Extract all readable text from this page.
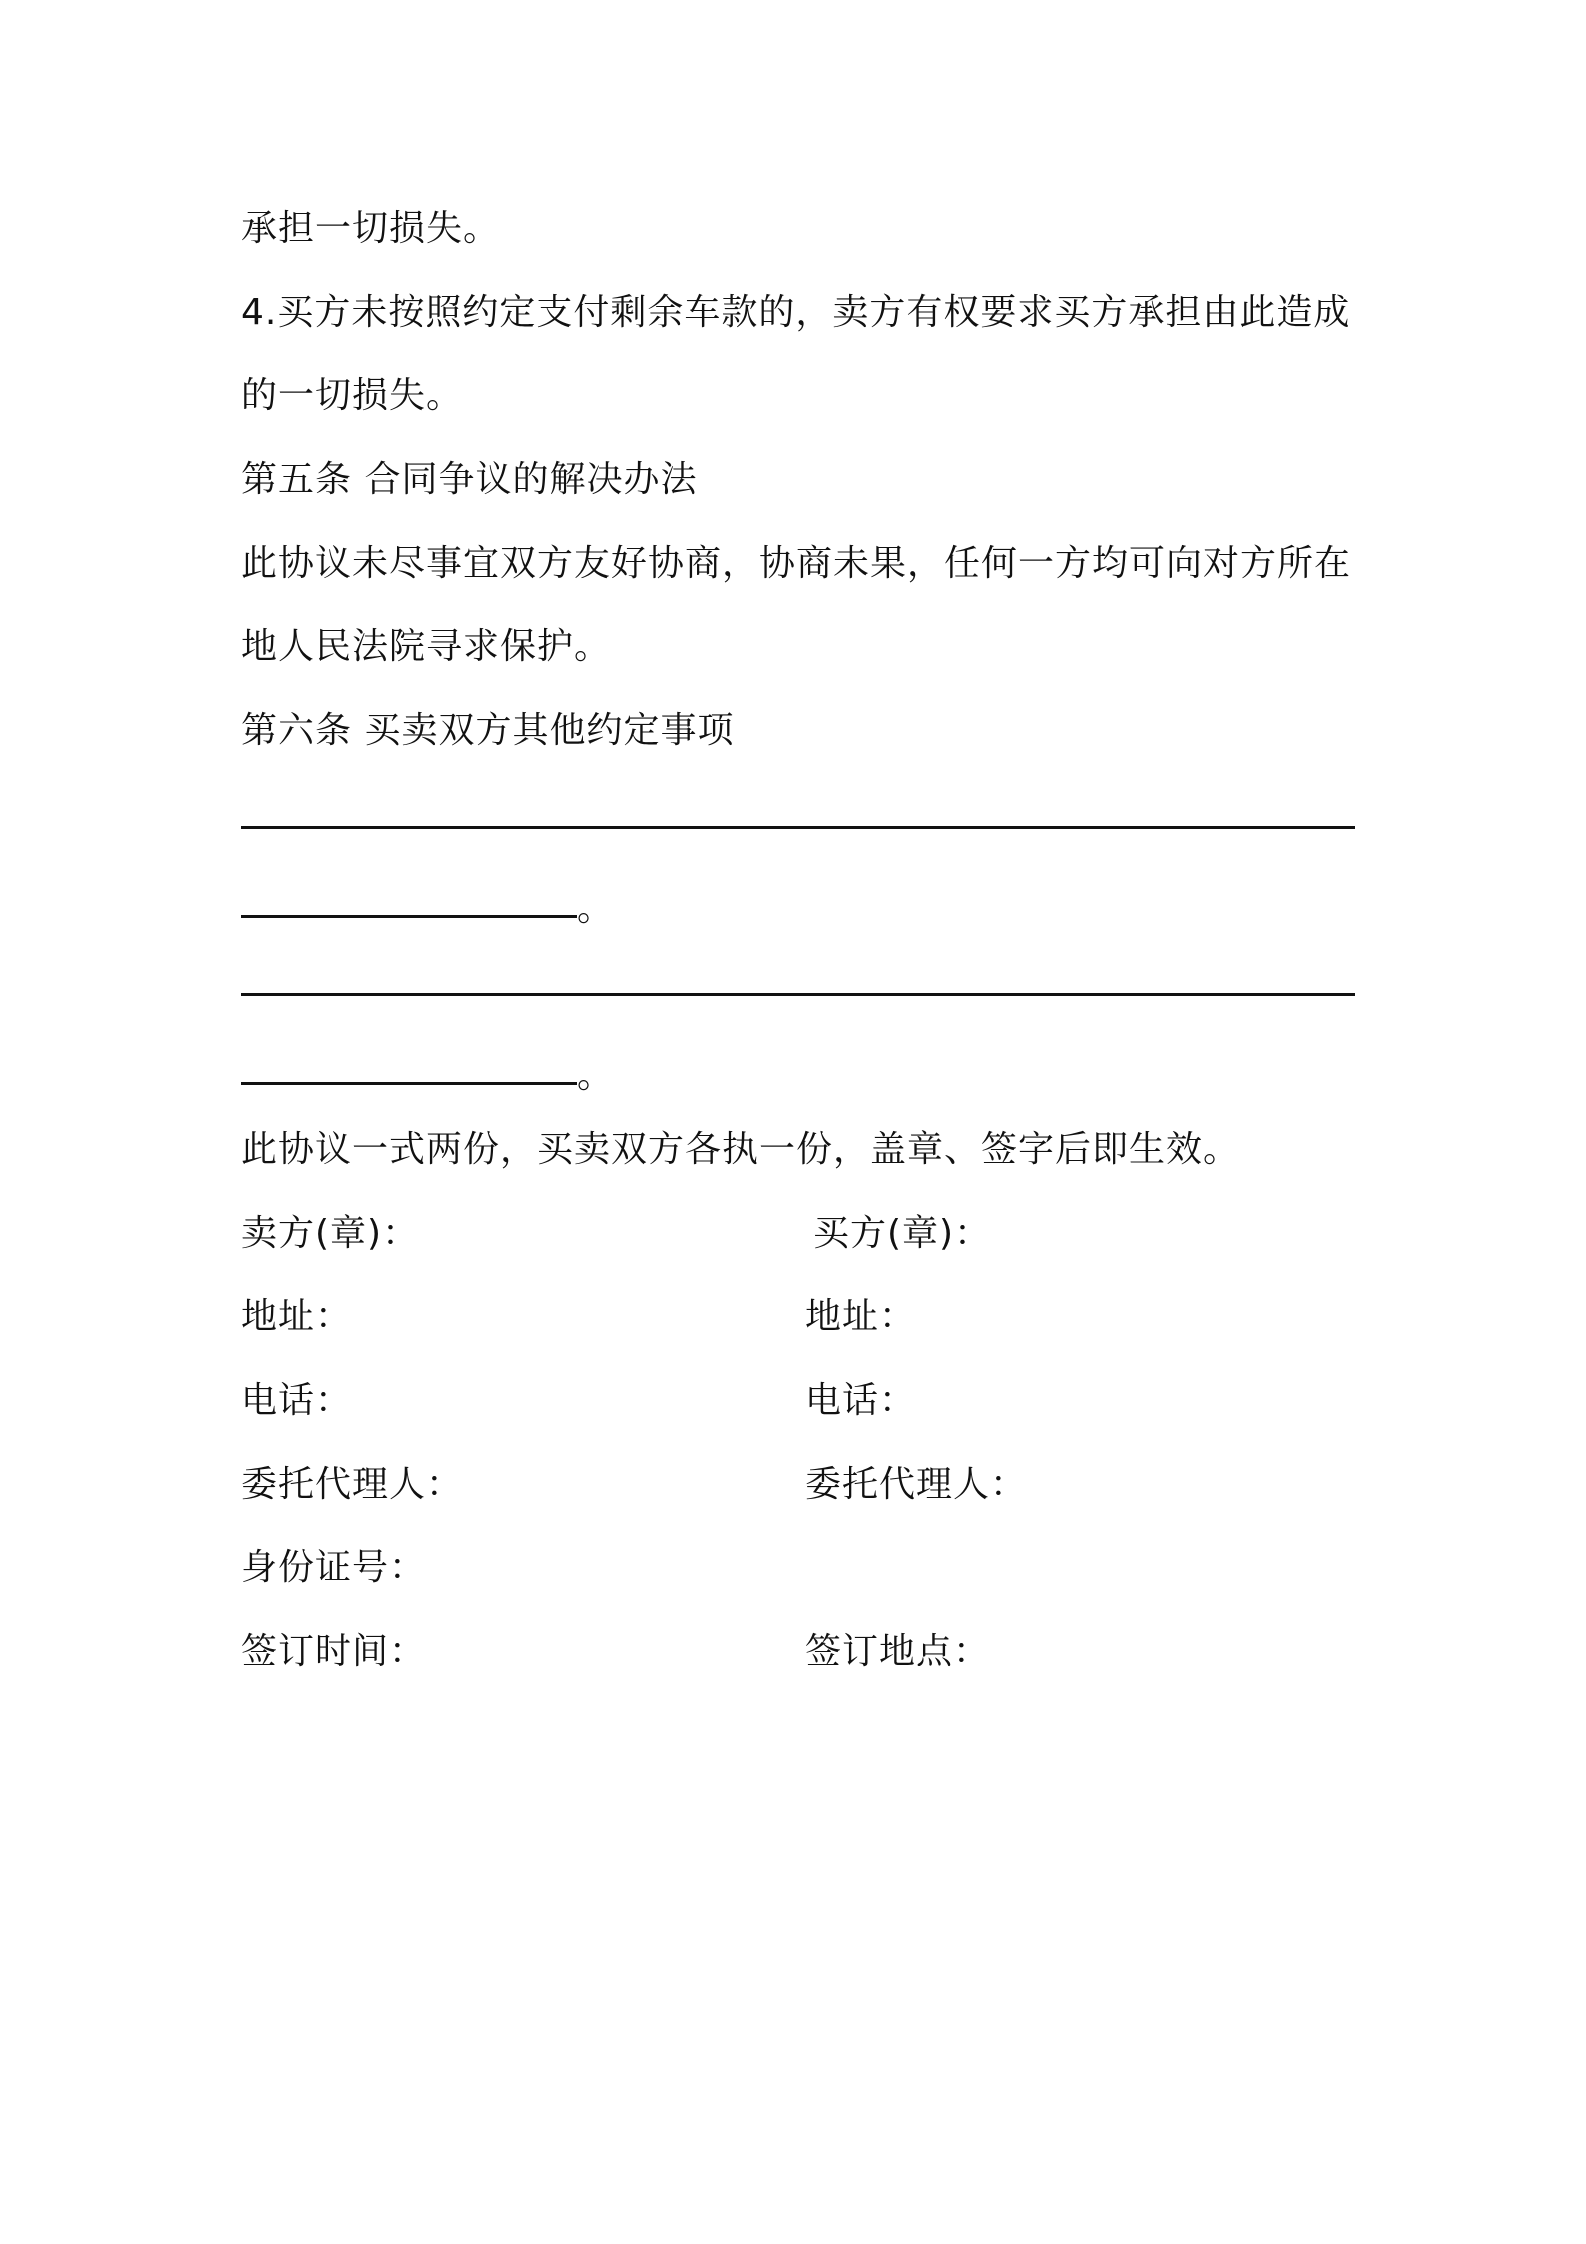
承担一切损失。
4.买方未按照约定支付剩余车款的，卖方有权要求买方承担由此造成
的一切损失。
第五条 合同争议的解决办法
此协议未尽事宜双方友好协商，协商未果，任何一方均可向对方所在
地人民法院寻求保护。
第六条 买卖双方其他约定事项
。
。
此协议一式两份，买卖双方各执一份，盖章、签字后即生效。
卖方(章)：	买方(章)：
地址：	地址：
电话：	电话：
委托代理人：	委托代理人：
身份证号：
签订时间：	签订地点：
